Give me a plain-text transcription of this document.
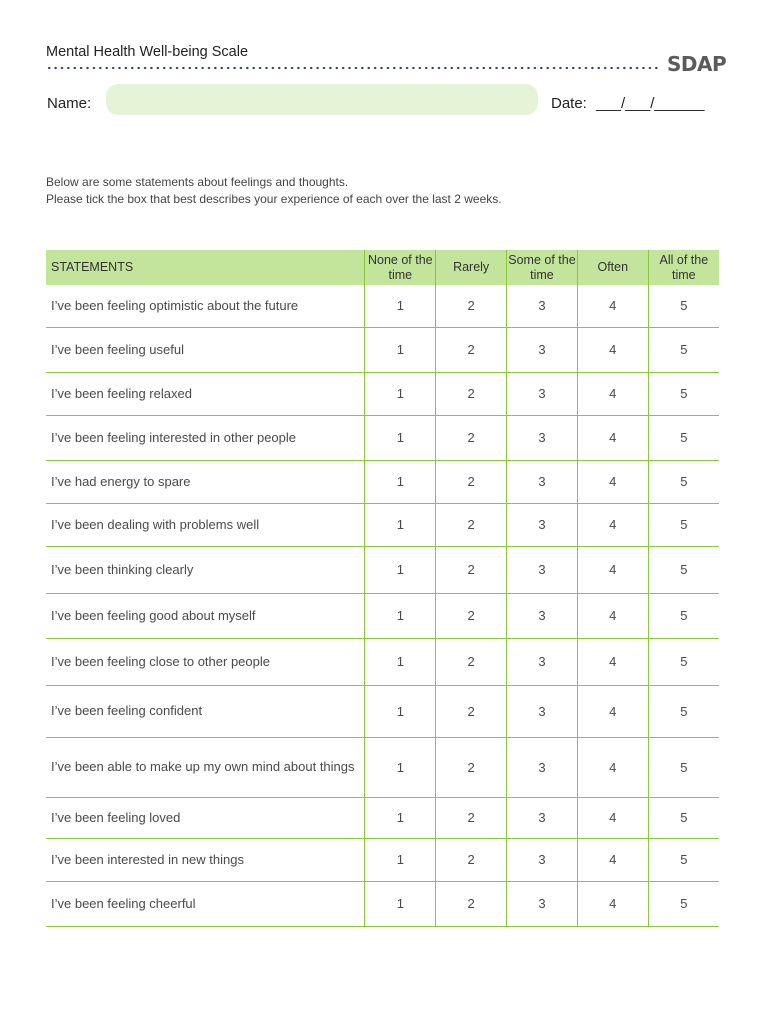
Mental Health Well-being Scale	SDAP
Name:	Date: ___/___/______
Below are some statements about feelings and thoughts.
Please tick the box that best describes your experience of each over the last 2 weeks.
STATEMENTS	None of the time	Rarely	Some of the time	Often	All of the time
I’ve been feeling optimistic about the future	1	2	3	4	5
I’ve been feeling useful	1	2	3	4	5
I’ve been feeling relaxed	1	2	3	4	5
I’ve been feeling interested in other people	1	2	3	4	5
I’ve had energy to spare	1	2	3	4	5
I’ve been dealing with problems well	1	2	3	4	5
I’ve been thinking clearly	1	2	3	4	5
I’ve been feeling good about myself	1	2	3	4	5
I’ve been feeling close to other people	1	2	3	4	5
I’ve been feeling confident	1	2	3	4	5
I’ve been able to make up my own mind about things	1	2	3	4	5
I’ve been feeling loved	1	2	3	4	5
I’ve been interested in new things	1	2	3	4	5
I’ve been feeling cheerful	1	2	3	4	5
